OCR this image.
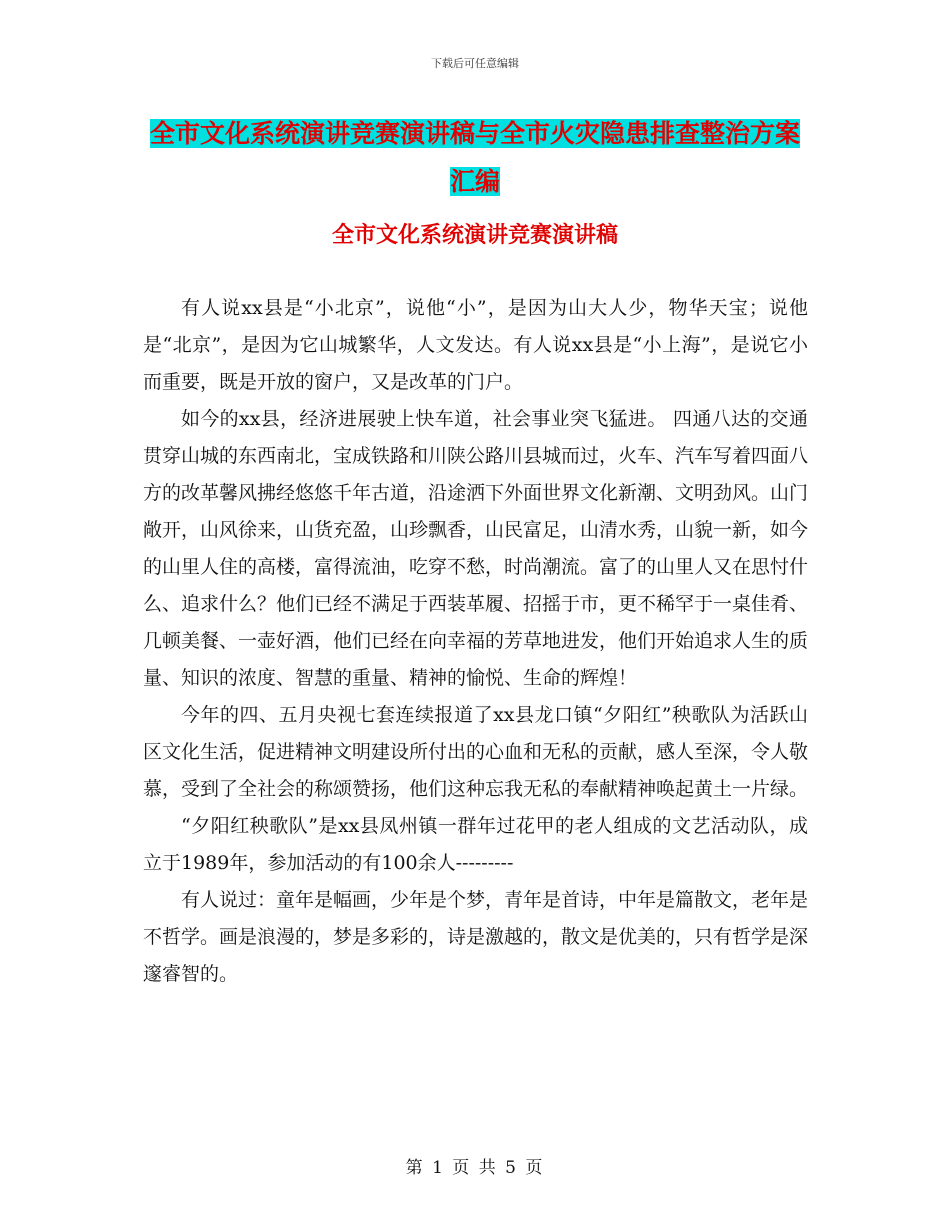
下载后可任意编辑
全市文化系统演讲竞赛演讲稿与全市火灾隐患排查整治方案汇编
全市文化系统演讲竞赛演讲稿

有人说xx县是“小北京”，说他“小”，是因为山大人少，物华天宝；说他是“北京”，是因为它山城繁华，人文发达。有人说xx县是“小上海”，是说它小而重要，既是开放的窗户，又是改革的门户。

如今的xx县，经济进展驶上快车道，社会事业突飞猛进。 四通八达的交通贯穿山城的东西南北，宝成铁路和川陕公路川县城而过，火车、汽车写着四面八方的改革馨风拂经悠悠千年古道，沿途洒下外面世界文化新潮、文明劲风。山门敞开，山风徐来，山货充盈，山珍飘香，山民富足，山清水秀，山貌一新，如今的山里人住的高楼，富得流油，吃穿不愁，时尚潮流。富了的山里人又在思忖什么、追求什么？他们已经不满足于西装革履、招摇于市，更不稀罕于一桌佳肴、几顿美餐、一壶好酒，他们已经在向幸福的芳草地进发，他们开始追求人生的质量、知识的浓度、智慧的重量、精神的愉悦、生命的辉煌！

今年的四、五月央视七套连续报道了xx县龙口镇“夕阳红”秧歌队为活跃山区文化生活，促进精神文明建设所付出的心血和无私的贡献，感人至深，令人敬慕，受到了全社会的称颂赞扬，他们这种忘我无私的奉献精神唤起黄土一片绿。

“夕阳红秧歌队”是xx县凤州镇一群年过花甲的老人组成的文艺活动队，成立于1989年，参加活动的有100余人---------

有人说过：童年是幅画，少年是个梦，青年是首诗，中年是篇散文，老年是不哲学。画是浪漫的，梦是多彩的，诗是激越的，散文是优美的，只有哲学是深邃睿智的。

第 1 页 共 5 页
